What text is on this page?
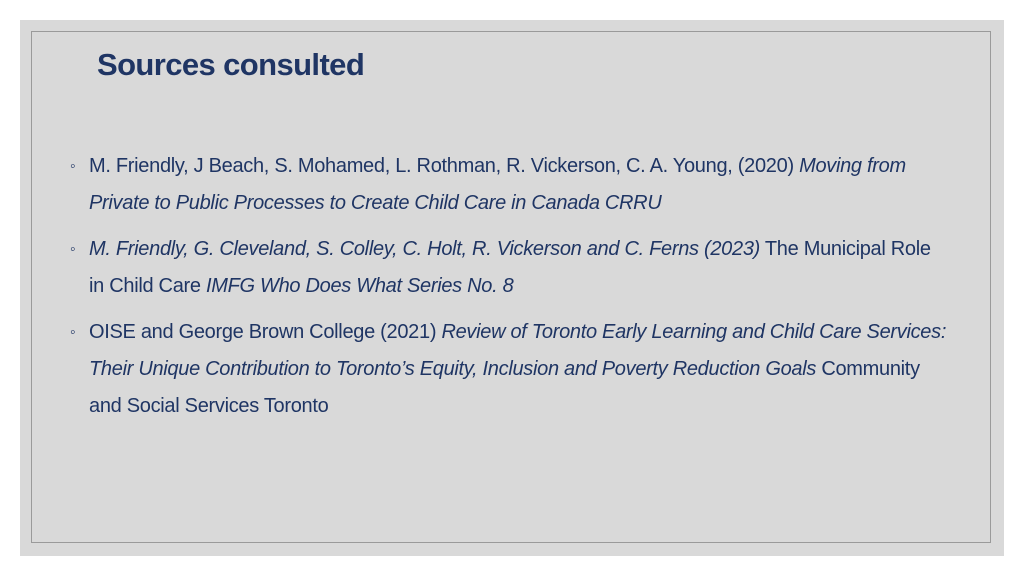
Sources consulted
◦ M. Friendly, J Beach, S. Mohamed, L. Rothman, R. Vickerson, C. A. Young, (2020) Moving from Private to Public Processes to Create Child Care in Canada CRRU
◦ M. Friendly, G. Cleveland, S. Colley, C. Holt, R. Vickerson and C. Ferns (2023) The Municipal Role in Child Care IMFG Who Does What Series No. 8
◦ OISE and George Brown College (2021) Review of Toronto Early Learning and Child Care Services: Their Unique Contribution to Toronto’s Equity, Inclusion and Poverty Reduction Goals Community and Social Services Toronto
